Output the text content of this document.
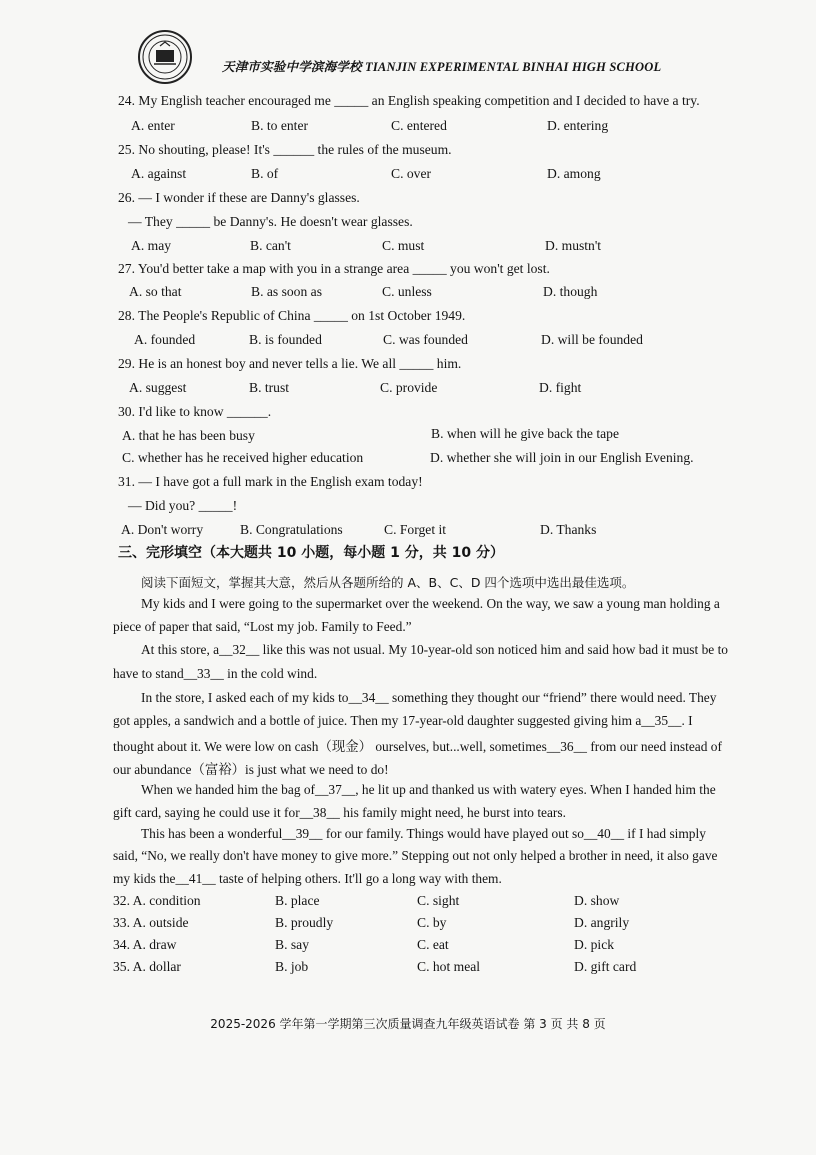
天津市实验中学滨海学校 TIANJIN EXPERIMENTAL BINHAI HIGH SCHOOL
24. My English teacher encouraged me _____ an English speaking competition and I decided to have a try.
A. enter	B. to enter	C. entered	D. entering
25. No shouting, please! It's ______ the rules of the museum.
A. against	B. of	C. over	D. among
26. — I wonder if these are Danny's glasses.
— They _____ be Danny's. He doesn't wear glasses.
A. may	B. can't	C. must	D. mustn't
27. You'd better take a map with you in a strange area _____ you won't get lost.
A. so that	B. as soon as	C. unless	D. though
28. The People's Republic of China _____ on 1st October 1949.
A. founded	B. is founded	C. was founded	D. will be founded
29. He is an honest boy and never tells a lie. We all _____ him.
A. suggest	B. trust	C. provide	D. fight
30. I'd like to know ______.
A. that he has been busy	B. when will he give back the tape
C. whether has he received higher education	D. whether she will join in our English Evening.
31. — I have got a full mark in the English exam today!
— Did you? _____!
A. Don't worry	B. Congratulations	C. Forget it	D. Thanks
三、完形填空（本大题共 10 小题，每小题 1 分，共 10 分）
阅读下面短文，掌握其大意，然后从各题所给的 A、B、C、D 四个选项中选出最佳选项。
My kids and I were going to the supermarket over the weekend. On the way, we saw a young man holding a
piece of paper that said, “Lost my job. Family to Feed.”
At this store, a__32__ like this was not usual. My 10-year-old son noticed him and said how bad it must be to
have to stand__33__ in the cold wind.
In the store, I asked each of my kids to__34__ something they thought our “friend” there would need. They
got apples, a sandwich and a bottle of juice. Then my 17-year-old daughter suggested giving him a__35__. I
thought about it. We were low on cash（现金） ourselves, but...well, sometimes__36__ from our need instead of
our abundance（富裕）is just what we need to do!
When we handed him the bag of__37__, he lit up and thanked us with watery eyes. When I handed him the
gift card, saying he could use it for__38__ his family might need, he burst into tears.
This has been a wonderful__39__ for our family. Things would have played out so__40__ if I had simply
said, “No, we really don't have money to give more.” Stepping out not only helped a brother in need, it also gave
my kids the__41__ taste of helping others. It'll go a long way with them.
32. A. condition	B. place	C. sight	D. show
33. A. outside	B. proudly	C. by	D. angrily
34. A. draw	B. say	C. eat	D. pick
35. A. dollar	B. job	C. hot meal	D. gift card
2025-2026 学年第一学期第三次质量调查九年级英语试卷 第 3 页 共 8 页
